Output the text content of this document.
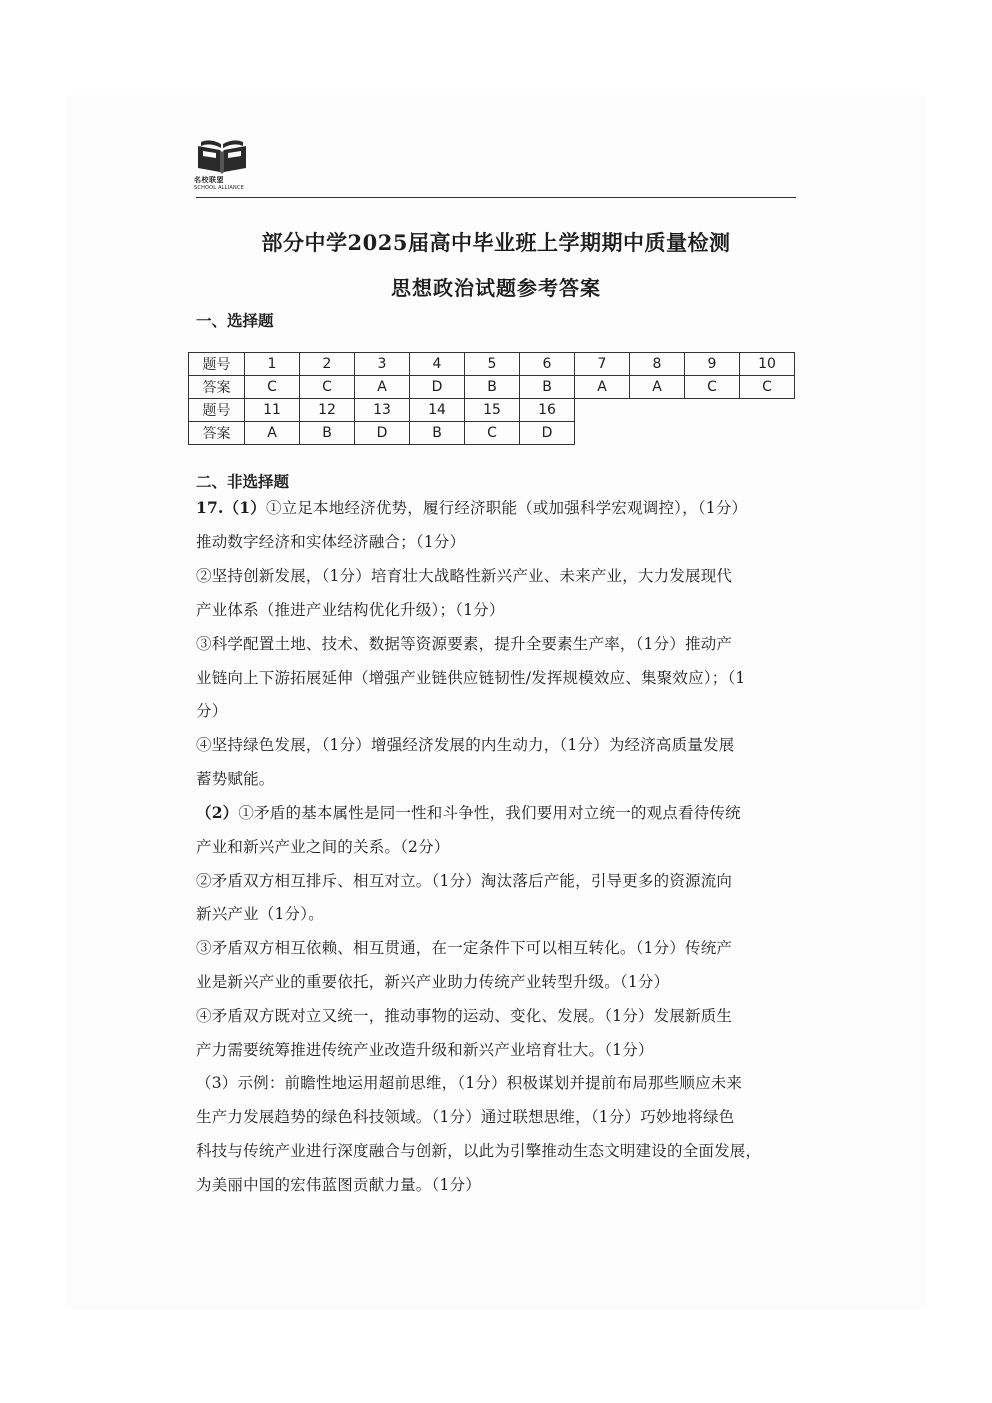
名校联盟
SCHOOL ALLIANCE
部分中学2025届高中毕业班上学期期中质量检测
思想政治试题参考答案
一、选择题
题号	1	2	3	4	5	6	7	8	9	10
答案	C	C	A	D	B	B	A	A	C	C
题号	11	12	13	14	15	16				
答案	A	B	D	B	C	D				
二、非选择题
17.（1）①立足本地经济优势，履行经济职能（或加强科学宏观调控），（1分）
推动数字经济和实体经济融合；（1分）
②坚持创新发展，（1分）培育壮大战略性新兴产业、未来产业，大力发展现代
产业体系（推进产业结构优化升级）；（1分）
③科学配置土地、技术、数据等资源要素，提升全要素生产率，（1分）推动产
业链向上下游拓展延伸（增强产业链供应链韧性/发挥规模效应、集聚效应）；（1
分）
④坚持绿色发展，（1分）增强经济发展的内生动力，（1分）为经济高质量发展
蓄势赋能。
（2）①矛盾的基本属性是同一性和斗争性，我们要用对立统一的观点看待传统
产业和新兴产业之间的关系。（2分）
②矛盾双方相互排斥、相互对立。（1分）淘汰落后产能，引导更多的资源流向
新兴产业（1分）。
③矛盾双方相互依赖、相互贯通，在一定条件下可以相互转化。（1分）传统产
业是新兴产业的重要依托，新兴产业助力传统产业转型升级。（1分）
④矛盾双方既对立又统一，推动事物的运动、变化、发展。（1分）发展新质生
产力需要统筹推进传统产业改造升级和新兴产业培育壮大。（1分）
（3）示例：前瞻性地运用超前思维，（1分）积极谋划并提前布局那些顺应未来
生产力发展趋势的绿色科技领域。（1分）通过联想思维，（1分）巧妙地将绿色
科技与传统产业进行深度融合与创新，以此为引擎推动生态文明建设的全面发展，
为美丽中国的宏伟蓝图贡献力量。（1分）
